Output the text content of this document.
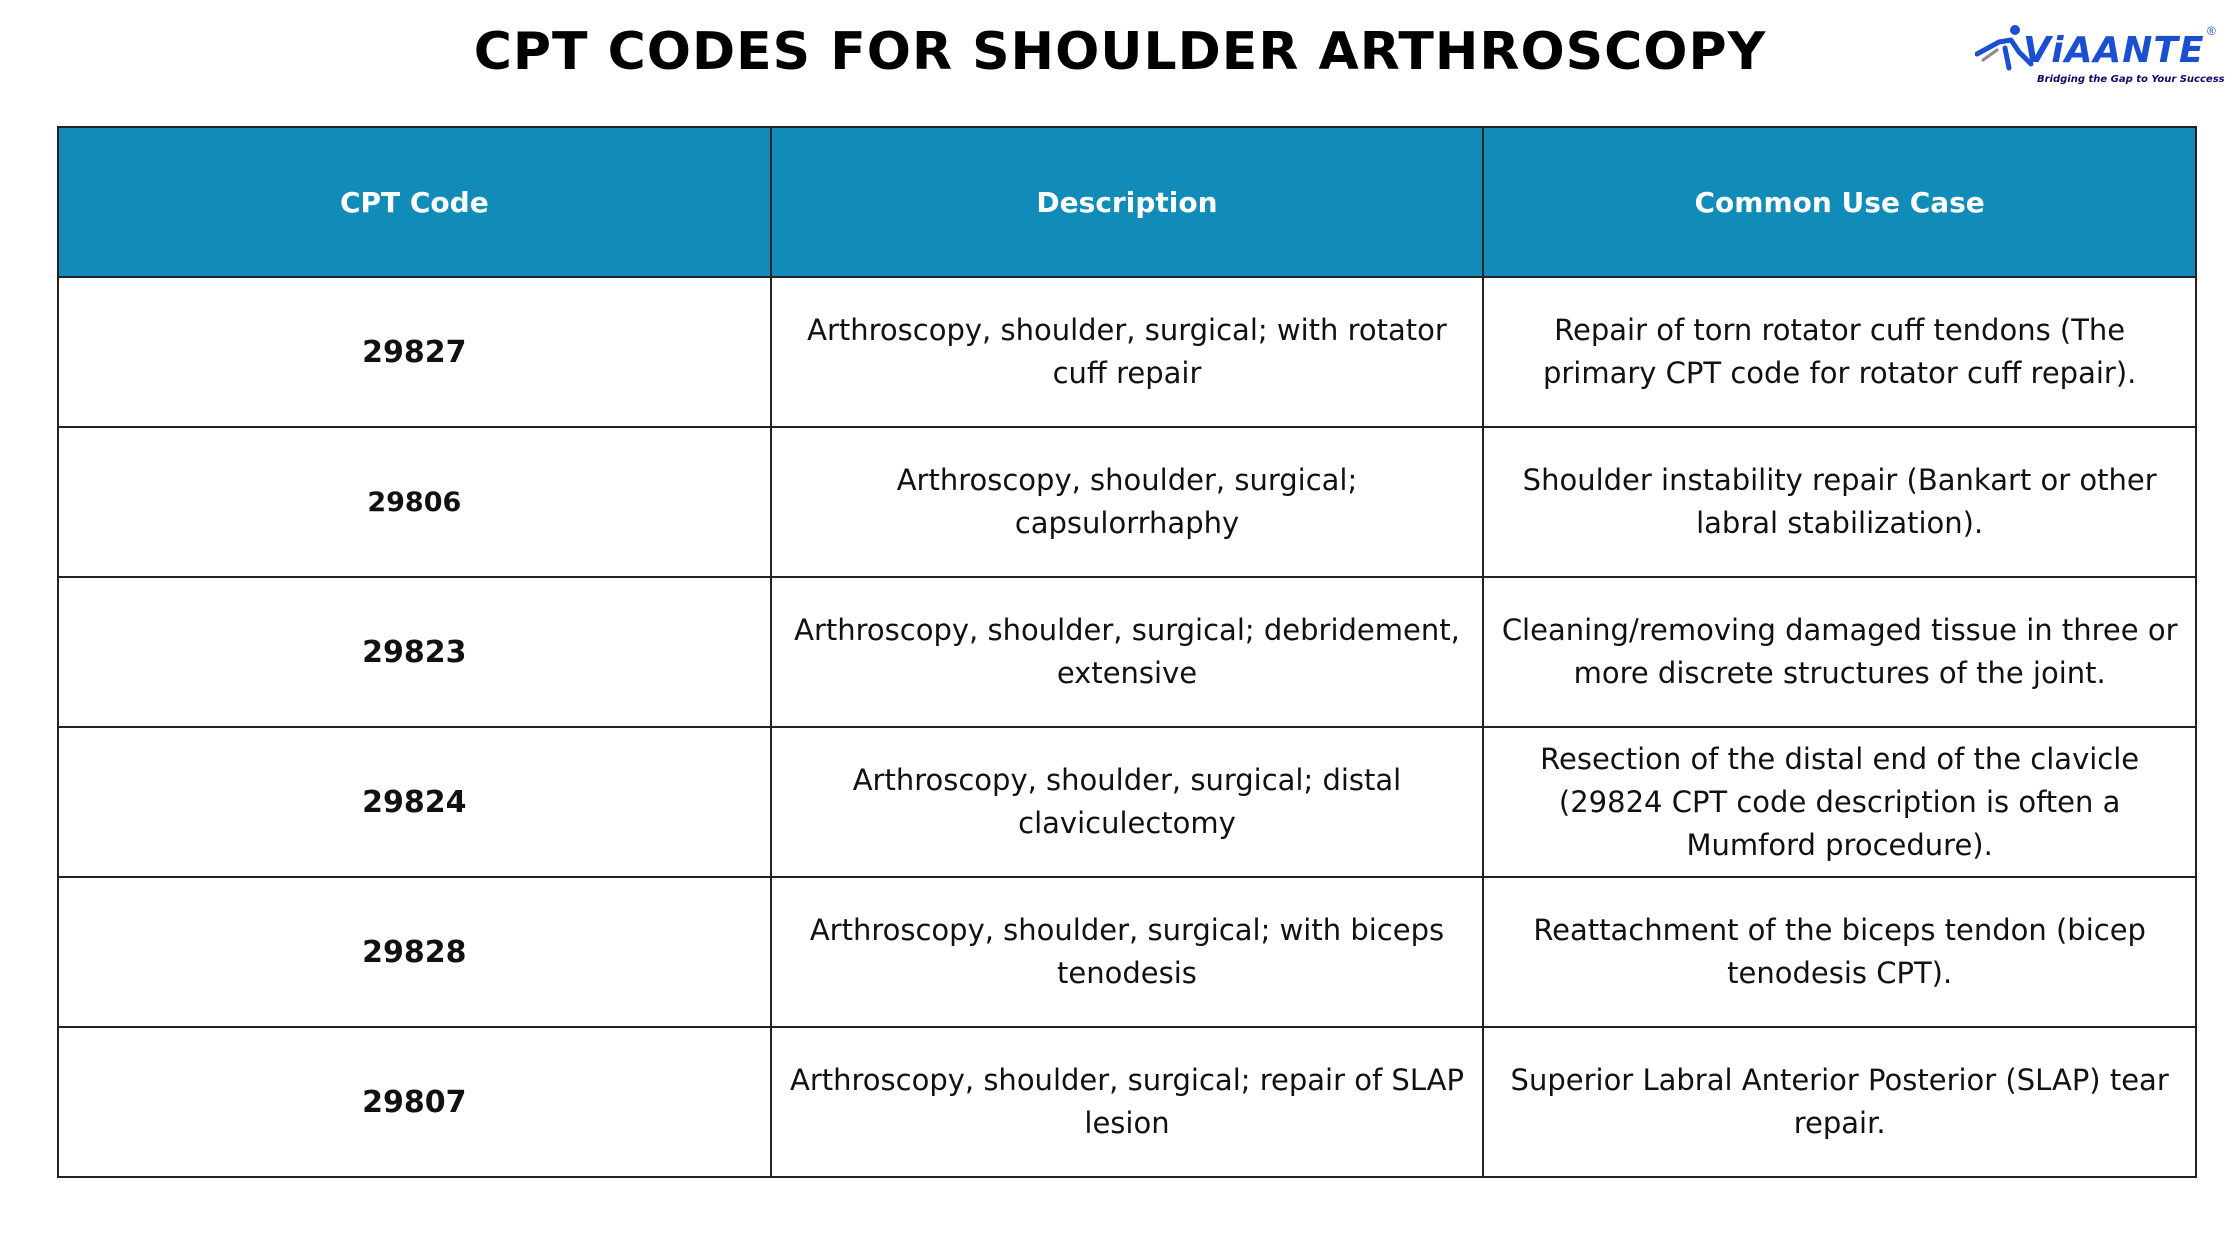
CPT CODES FOR SHOULDER ARTHROSCOPY	ViAANTE ®
Bridging the Gap to Your Success
CPT Code	Description	Common Use Case
29827	Arthroscopy, shoulder, surgical; with rotator cuff repair	Repair of torn rotator cuff tendons (The primary CPT code for rotator cuff repair).
29806	Arthroscopy, shoulder, surgical; capsulorrhaphy	Shoulder instability repair (Bankart or other labral stabilization).
29823	Arthroscopy, shoulder, surgical; debridement, extensive	Cleaning/removing damaged tissue in three or more discrete structures of the joint.
29824	Arthroscopy, shoulder, surgical; distal claviculectomy	Resection of the distal end of the clavicle (29824 CPT code description is often a Mumford procedure).
29828	Arthroscopy, shoulder, surgical; with biceps tenodesis	Reattachment of the biceps tendon (bicep tenodesis CPT).
29807	Arthroscopy, shoulder, surgical; repair of SLAP lesion	Superior Labral Anterior Posterior (SLAP) tear repair.
